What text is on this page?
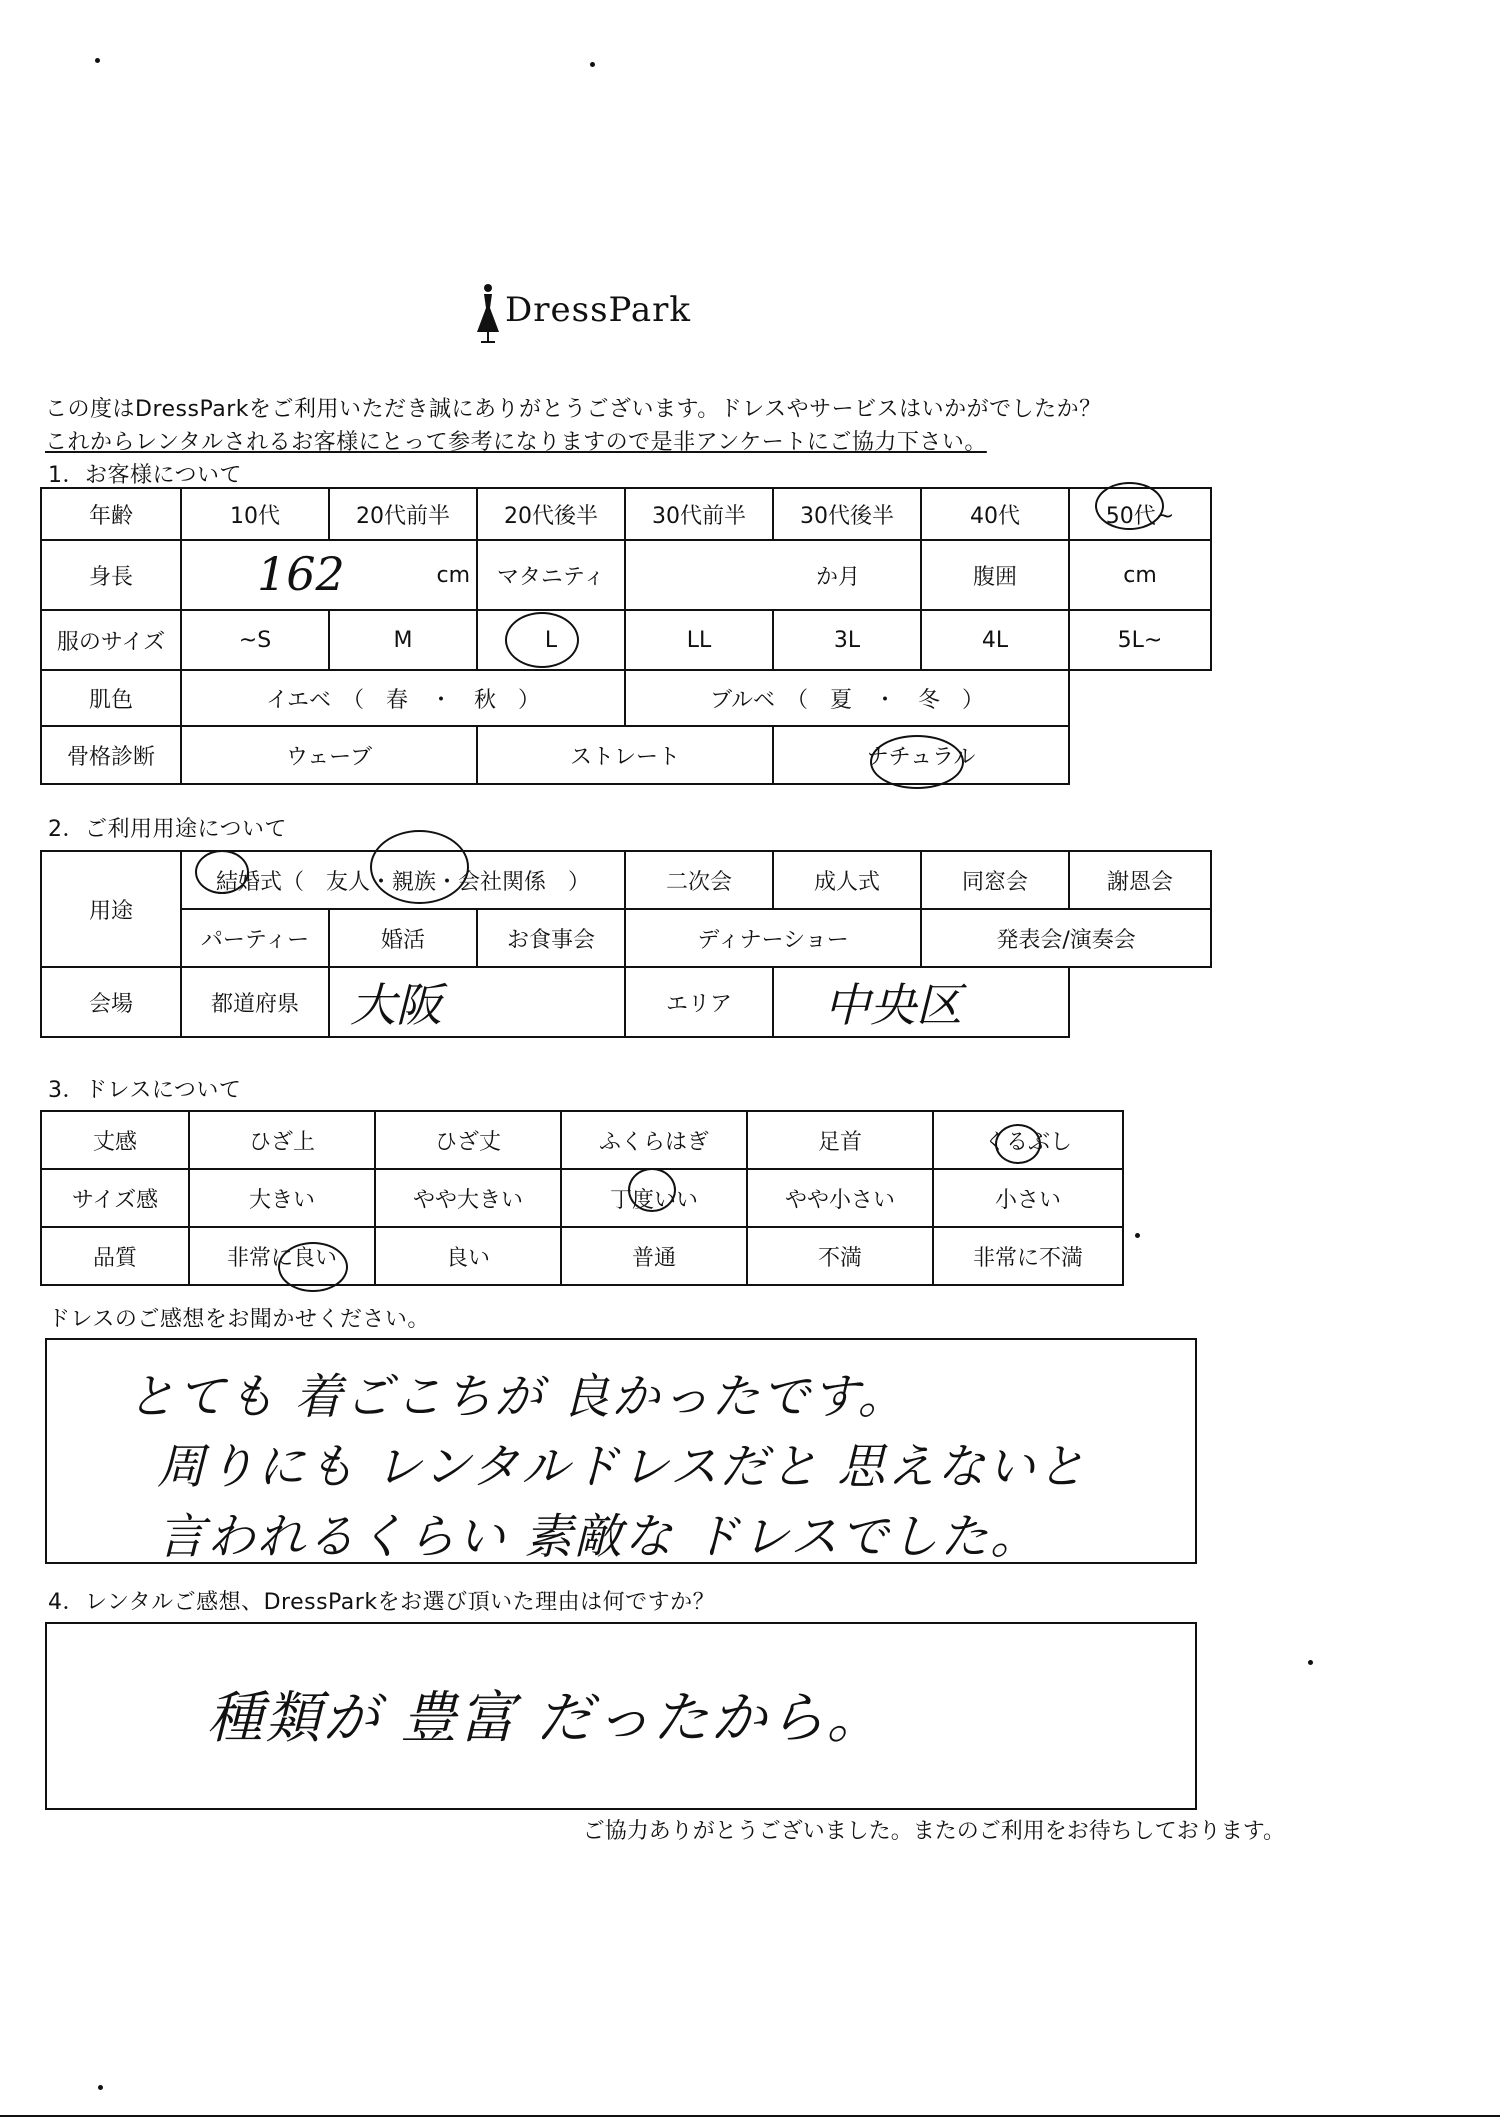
DressPark
この度はDressParkをご利用いただき誠にありがとうございます。ドレスやサービスはいかがでしたか？
これからレンタルされるお客様にとって参考になりますので是非アンケートにご協力下さい。
1．お客様について
年齢	10代	20代前半	20代後半	30代前半	30代後半	40代	50代~
身長	162 cm		マタニティ	か月		腹囲	cm
服のサイズ	~S	M	L	LL	3L	4L	5L~
肌色	イエベ　（　春　・　秋　）			ブルベ　（　夏　・　冬　）			
骨格診断	ウェーブ		ストレート		ナチュラル		
2．ご利用用途について
用途	結婚式（　友人・親族・会社関係　）			二次会	成人式	同窓会	謝恩会
	パーティー	婚活	お食事会	ディナーショー		発表会/演奏会	
会場	都道府県	大阪		エリア	中央区		
3．ドレスについて
丈感	ひざ上	ひざ丈	ふくらはぎ	足首	くるぶし
サイズ感	大きい	やや大きい	丁度いい	やや小さい	小さい
品質	非常に良い	良い	普通	不満	非常に不満
ドレスのご感想をお聞かせください。
とても 着ごこちが 良かったです。
周りにも レンタルドレスだと 思えないと
言われるくらい 素敵な ドレスでした。
4．レンタルご感想、DressParkをお選び頂いた理由は何ですか？
種類が 豊富 だったから。
ご協力ありがとうございました。またのご利用をお待ちしております。
